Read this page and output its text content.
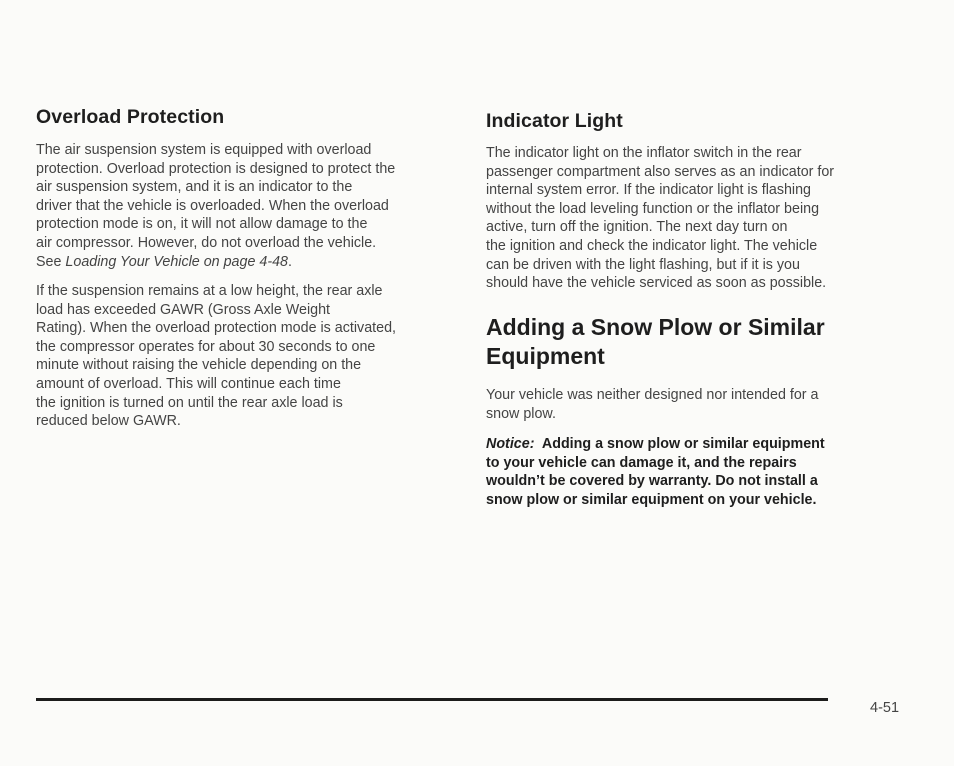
Overload Protection
The air suspension system is equipped with overload
protection. Overload protection is designed to protect the
air suspension system, and it is an indicator to the
driver that the vehicle is overloaded. When the overload
protection mode is on, it will not allow damage to the
air compressor. However, do not overload the vehicle.
See Loading Your Vehicle on page 4-48.
If the suspension remains at a low height, the rear axle
load has exceeded GAWR (Gross Axle Weight
Rating). When the overload protection mode is activated,
the compressor operates for about 30 seconds to one
minute without raising the vehicle depending on the
amount of overload. This will continue each time
the ignition is turned on until the rear axle load is
reduced below GAWR.
Indicator Light
The indicator light on the inflator switch in the rear
passenger compartment also serves as an indicator for
internal system error. If the indicator light is flashing
without the load leveling function or the inflator being
active, turn off the ignition. The next day turn on
the ignition and check the indicator light. The vehicle
can be driven with the light flashing, but if it is you
should have the vehicle serviced as soon as possible.
Adding a Snow Plow or Similar
Equipment
Your vehicle was neither designed nor intended for a
snow plow.
Notice:  Adding a snow plow or similar equipment
to your vehicle can damage it, and the repairs
wouldn’t be covered by warranty. Do not install a
snow plow or similar equipment on your vehicle.
4-51
